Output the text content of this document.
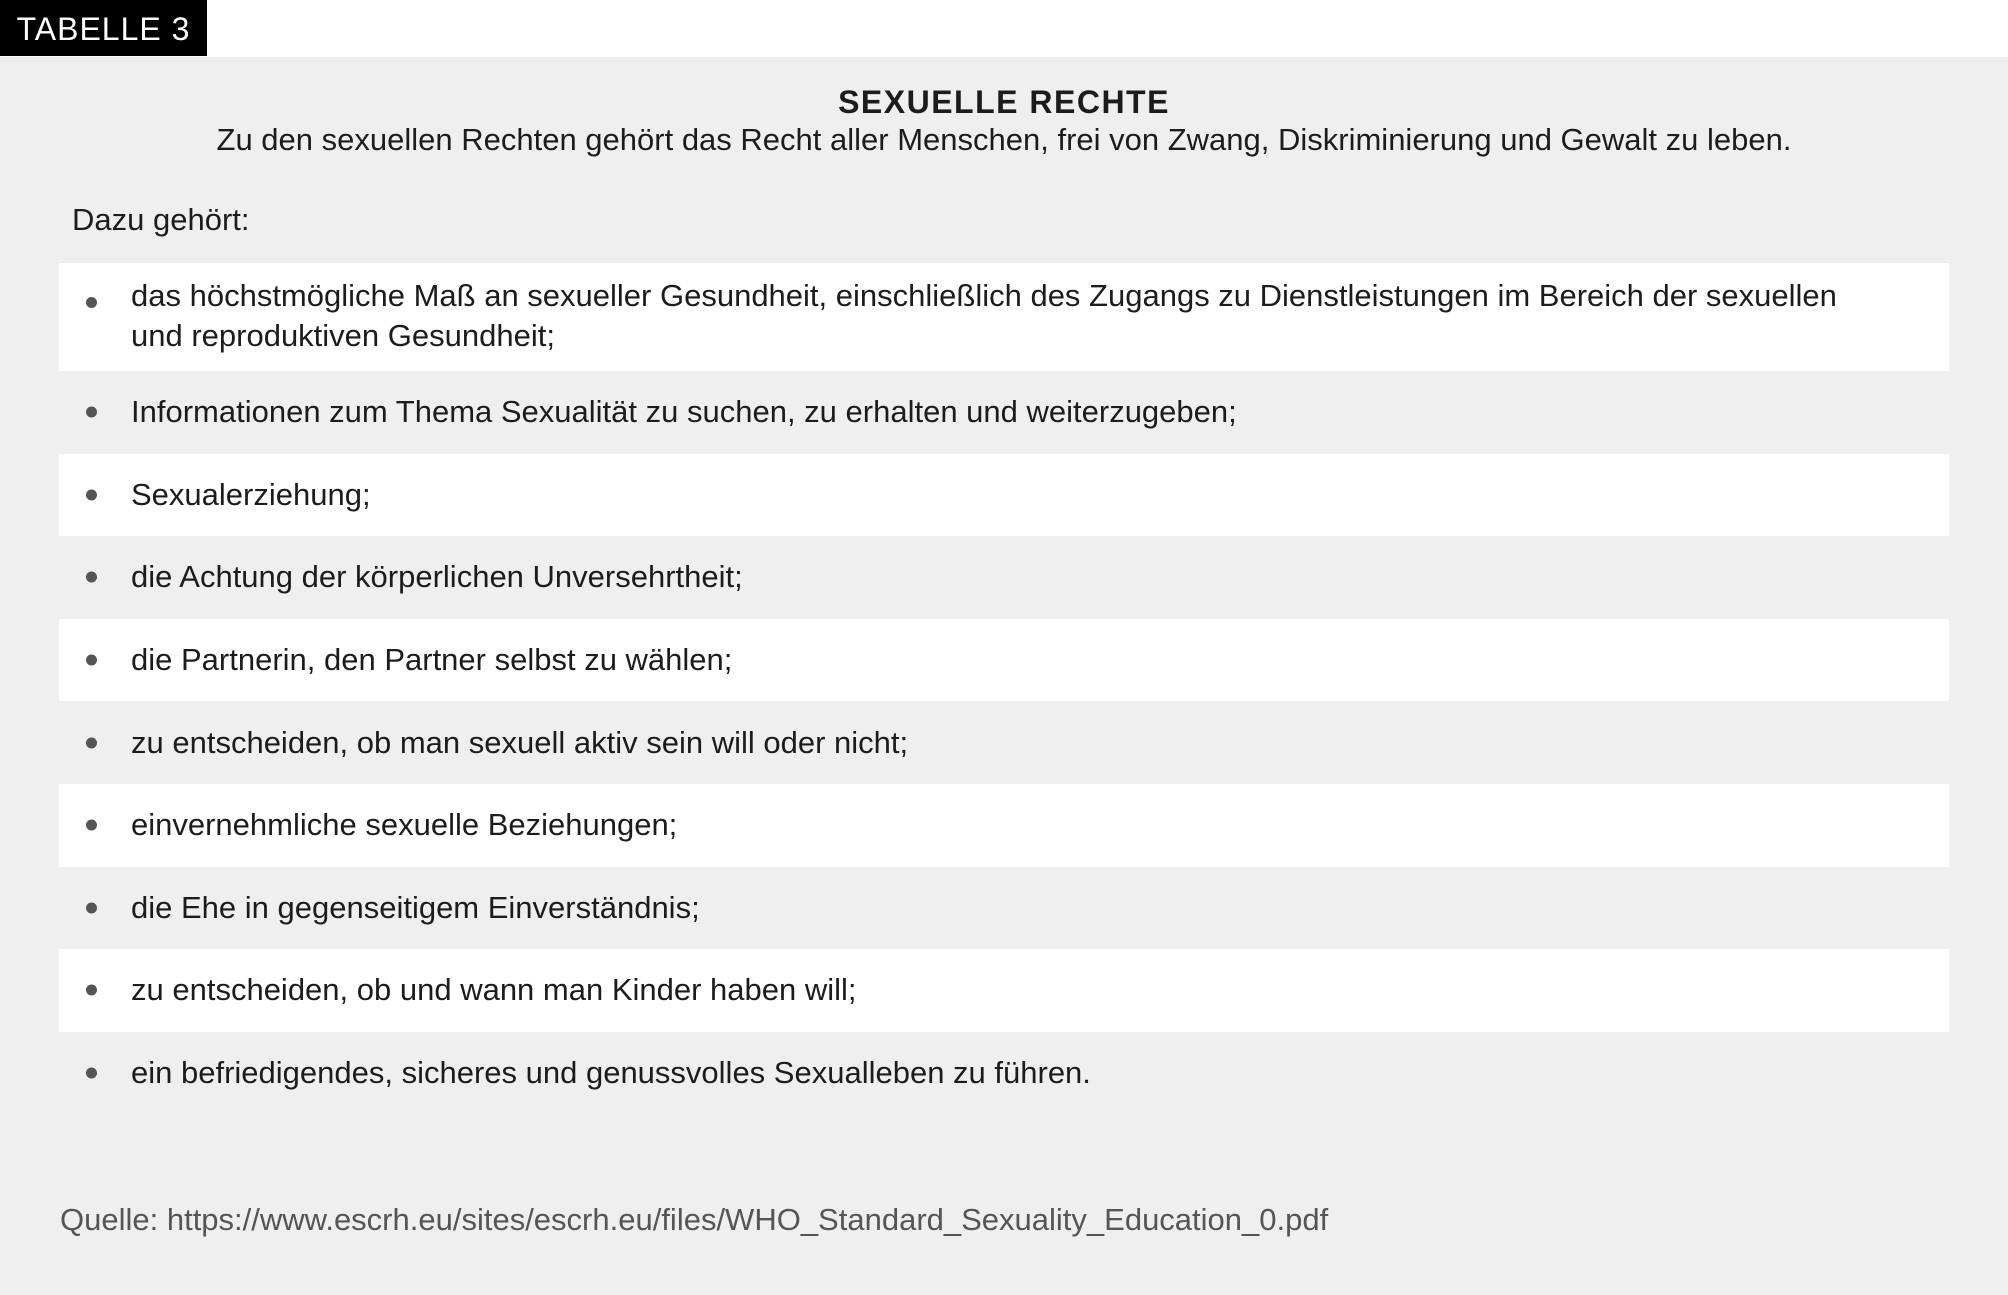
TABELLE 3
SEXUELLE RECHTE
Zu den sexuellen Rechten gehört das Recht aller Menschen, frei von Zwang, Diskriminierung und Gewalt zu leben.
Dazu gehört:
das höchstmögliche Maß an sexueller Gesundheit, einschließlich des Zugangs zu Dienstleistungen im Bereich der sexuellen und reproduktiven Gesundheit;
Informationen zum Thema Sexualität zu suchen, zu erhalten und weiterzugeben;
Sexualerziehung;
die Achtung der körperlichen Unversehrtheit;
die Partnerin, den Partner selbst zu wählen;
zu entscheiden, ob man sexuell aktiv sein will oder nicht;
einvernehmliche sexuelle Beziehungen;
die Ehe in gegenseitigem Einverständnis;
zu entscheiden, ob und wann man Kinder haben will;
ein befriedigendes, sicheres und genussvolles Sexualleben zu führen.
Quelle: https://www.escrh.eu/sites/escrh.eu/files/WHO_Standard_Sexuality_Education_0.pdf
